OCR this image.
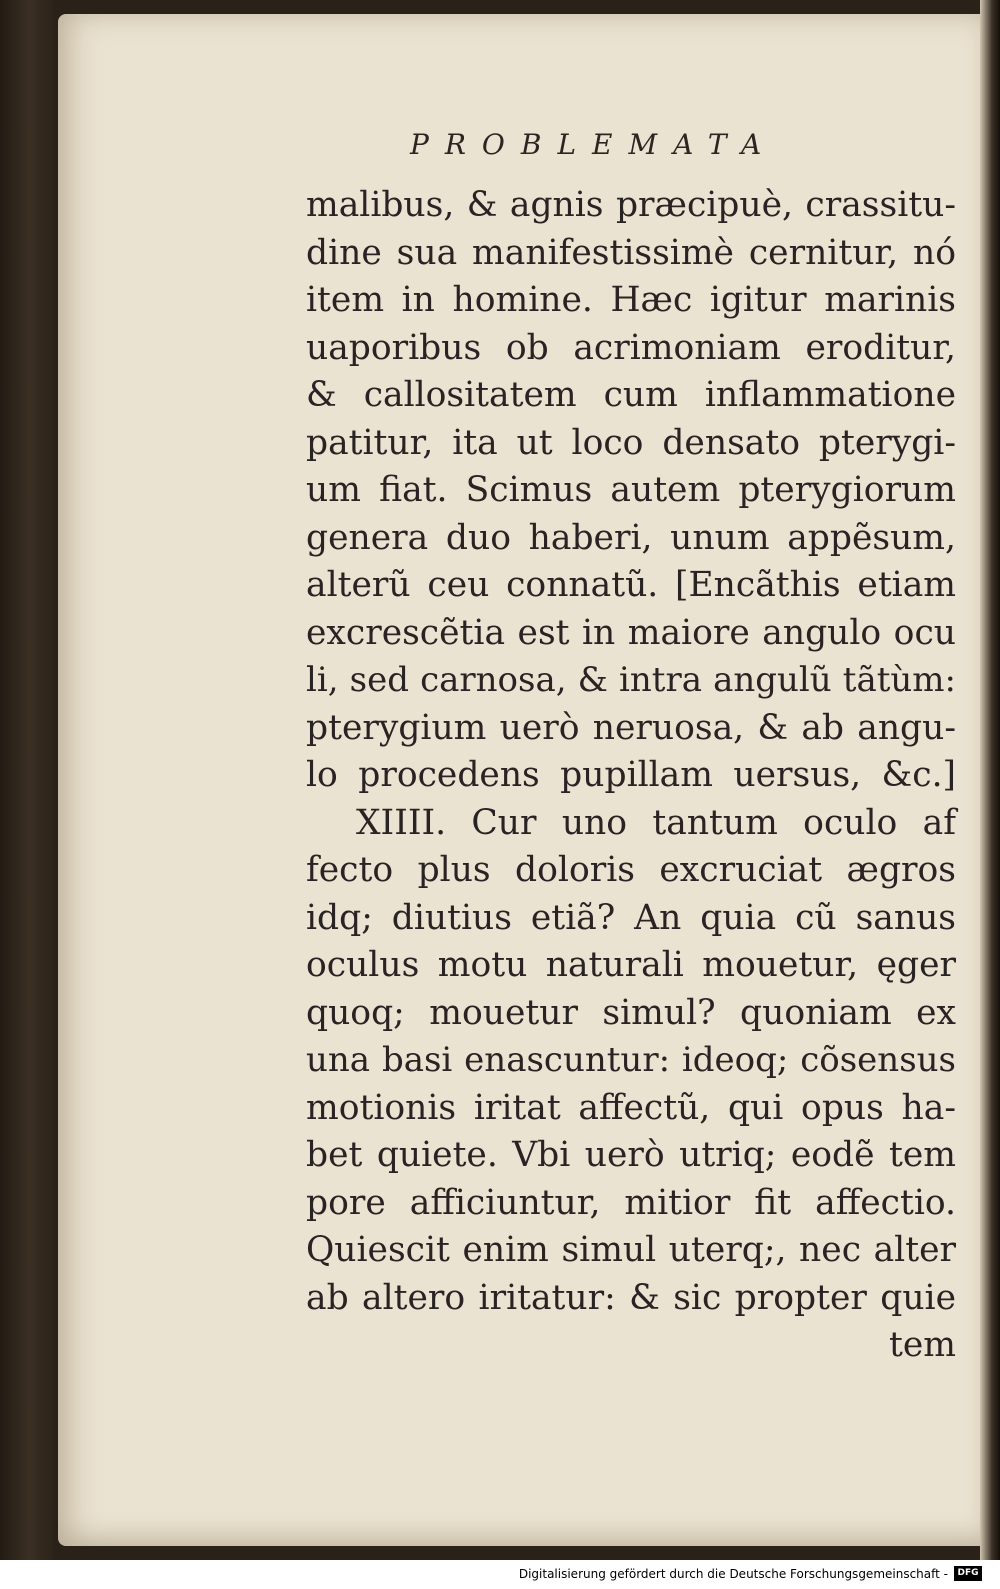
PROBLEMATA
malibus, & agnis præcipuè, crassitu-
dine sua manifestissimè cernitur, nó
item in homine. Hæc igitur marinis
uaporibus ob acrimoniam eroditur,
& callositatem cum inflammatione
patitur, ita ut loco densato pterygi-
um fiat. Scimus autem pterygiorum
genera duo haberi, unum appẽsum,
alterũ ceu connatũ. [Encãthis etiam
excrescẽtia est in maiore angulo ocu
li, sed carnosa, & intra angulũ tãtùm:
pterygium uerò neruosa, & ab angu-
lo procedens pupillam uersus, &c.]
XIIII. Cur uno tantum oculo af
fecto plus doloris excruciat ægros
idq; diutius etiã? An quia cũ sanus
oculus motu naturali mouetur, ęger
quoq; mouetur simul? quoniam ex
una basi enascuntur: ideoq; cõsensus
motionis iritat affectũ, qui opus ha-
bet quiete. Vbi uerò utriq; eodẽ tem
pore afficiuntur, mitior fit affectio.
Quiescit enim simul uterq;, nec alter
ab altero iritatur: & sic propter quie
tem
Digitalisierung gefördert durch die Deutsche Forschungsgemeinschaft -	DFG
